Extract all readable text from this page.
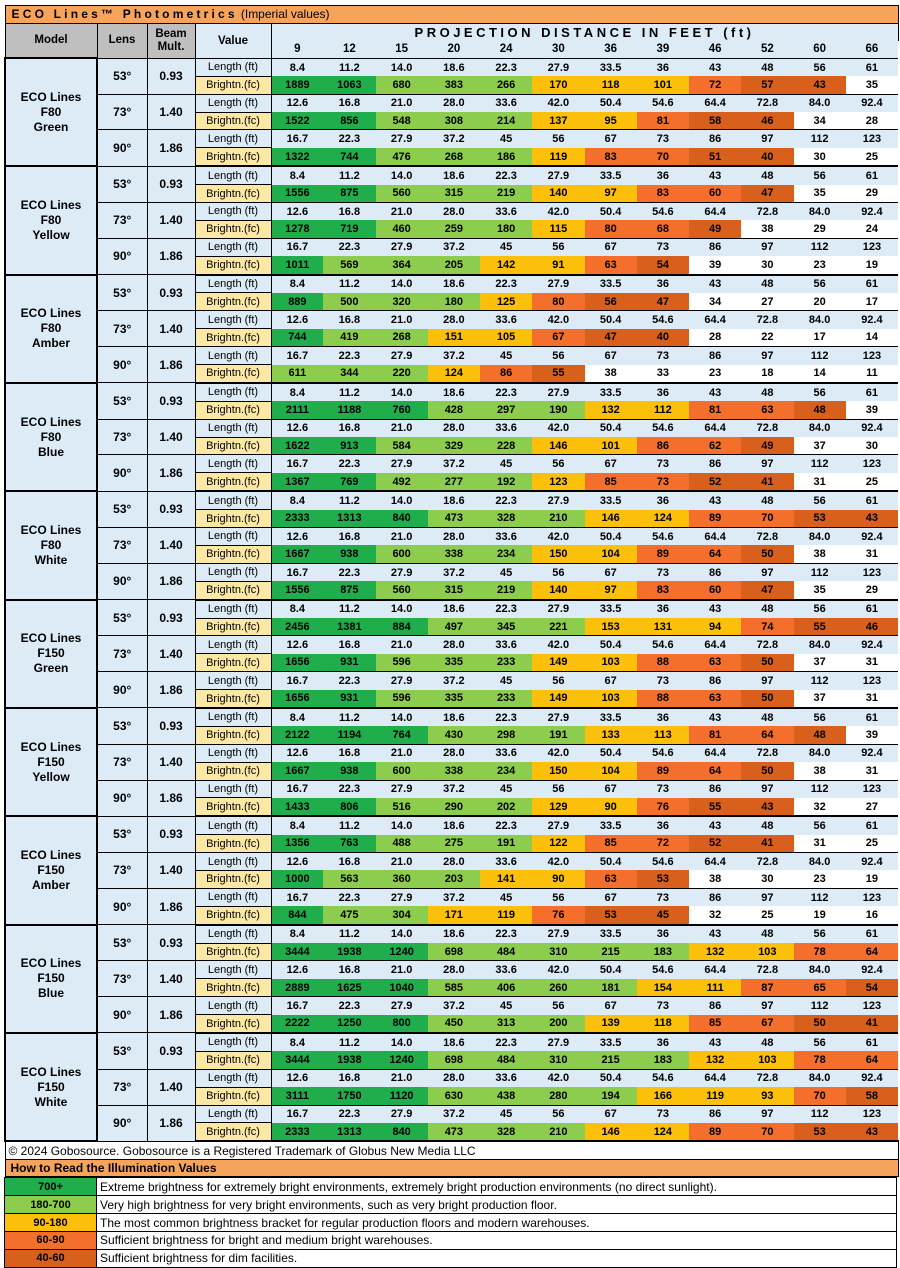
ECO Lines™ Photometrics (Imperial values)															
Model	Lens	Beam Mult.	Value	PROJECTION DISTANCE IN FEET (ft)											
				9	12	15	20	24	30	36	39	46	52	60	66

ECO Lines
F80
Green	53°	0.93	Length (ft)	8.4	11.2	14.0	18.6	22.3	27.9	33.5	36	43	48	56	61
			Brightn.(fc)	1889	1063	680	383	266	170	118	101	72	57	43	35
	73°	1.40	Length (ft)	12.6	16.8	21.0	28.0	33.6	42.0	50.4	54.6	64.4	72.8	84.0	92.4
			Brightn.(fc)	1522	856	548	308	214	137	95	81	58	46	34	28
	90°	1.86	Length (ft)	16.7	22.3	27.9	37.2	45	56	67	73	86	97	112	123
			Brightn.(fc)	1322	744	476	268	186	119	83	70	51	40	30	25

ECO Lines
F80
Yellow	53°	0.93	Length (ft)	8.4	11.2	14.0	18.6	22.3	27.9	33.5	36	43	48	56	61
			Brightn.(fc)	1556	875	560	315	219	140	97	83	60	47	35	29
	73°	1.40	Length (ft)	12.6	16.8	21.0	28.0	33.6	42.0	50.4	54.6	64.4	72.8	84.0	92.4
			Brightn.(fc)	1278	719	460	259	180	115	80	68	49	38	29	24
	90°	1.86	Length (ft)	16.7	22.3	27.9	37.2	45	56	67	73	86	97	112	123
			Brightn.(fc)	1011	569	364	205	142	91	63	54	39	30	23	19

ECO Lines
F80
Amber	53°	0.93	Length (ft)	8.4	11.2	14.0	18.6	22.3	27.9	33.5	36	43	48	56	61
			Brightn.(fc)	889	500	320	180	125	80	56	47	34	27	20	17
	73°	1.40	Length (ft)	12.6	16.8	21.0	28.0	33.6	42.0	50.4	54.6	64.4	72.8	84.0	92.4
			Brightn.(fc)	744	419	268	151	105	67	47	40	28	22	17	14
	90°	1.86	Length (ft)	16.7	22.3	27.9	37.2	45	56	67	73	86	97	112	123
			Brightn.(fc)	611	344	220	124	86	55	38	33	23	18	14	11

ECO Lines
F80
Blue	53°	0.93	Length (ft)	8.4	11.2	14.0	18.6	22.3	27.9	33.5	36	43	48	56	61
			Brightn.(fc)	2111	1188	760	428	297	190	132	112	81	63	48	39
	73°	1.40	Length (ft)	12.6	16.8	21.0	28.0	33.6	42.0	50.4	54.6	64.4	72.8	84.0	92.4
			Brightn.(fc)	1622	913	584	329	228	146	101	86	62	49	37	30
	90°	1.86	Length (ft)	16.7	22.3	27.9	37.2	45	56	67	73	86	97	112	123
			Brightn.(fc)	1367	769	492	277	192	123	85	73	52	41	31	25

ECO Lines
F80
White	53°	0.93	Length (ft)	8.4	11.2	14.0	18.6	22.3	27.9	33.5	36	43	48	56	61
			Brightn.(fc)	2333	1313	840	473	328	210	146	124	89	70	53	43
	73°	1.40	Length (ft)	12.6	16.8	21.0	28.0	33.6	42.0	50.4	54.6	64.4	72.8	84.0	92.4
			Brightn.(fc)	1667	938	600	338	234	150	104	89	64	50	38	31
	90°	1.86	Length (ft)	16.7	22.3	27.9	37.2	45	56	67	73	86	97	112	123
			Brightn.(fc)	1556	875	560	315	219	140	97	83	60	47	35	29

ECO Lines
F150
Green	53°	0.93	Length (ft)	8.4	11.2	14.0	18.6	22.3	27.9	33.5	36	43	48	56	61
			Brightn.(fc)	2456	1381	884	497	345	221	153	131	94	74	55	46
	73°	1.40	Length (ft)	12.6	16.8	21.0	28.0	33.6	42.0	50.4	54.6	64.4	72.8	84.0	92.4
			Brightn.(fc)	1656	931	596	335	233	149	103	88	63	50	37	31
	90°	1.86	Length (ft)	16.7	22.3	27.9	37.2	45	56	67	73	86	97	112	123
			Brightn.(fc)	1656	931	596	335	233	149	103	88	63	50	37	31

ECO Lines
F150
Yellow	53°	0.93	Length (ft)	8.4	11.2	14.0	18.6	22.3	27.9	33.5	36	43	48	56	61
			Brightn.(fc)	2122	1194	764	430	298	191	133	113	81	64	48	39
	73°	1.40	Length (ft)	12.6	16.8	21.0	28.0	33.6	42.0	50.4	54.6	64.4	72.8	84.0	92.4
			Brightn.(fc)	1667	938	600	338	234	150	104	89	64	50	38	31
	90°	1.86	Length (ft)	16.7	22.3	27.9	37.2	45	56	67	73	86	97	112	123
			Brightn.(fc)	1433	806	516	290	202	129	90	76	55	43	32	27

ECO Lines
F150
Amber	53°	0.93	Length (ft)	8.4	11.2	14.0	18.6	22.3	27.9	33.5	36	43	48	56	61
			Brightn.(fc)	1356	763	488	275	191	122	85	72	52	41	31	25
	73°	1.40	Length (ft)	12.6	16.8	21.0	28.0	33.6	42.0	50.4	54.6	64.4	72.8	84.0	92.4
			Brightn.(fc)	1000	563	360	203	141	90	63	53	38	30	23	19
	90°	1.86	Length (ft)	16.7	22.3	27.9	37.2	45	56	67	73	86	97	112	123
			Brightn.(fc)	844	475	304	171	119	76	53	45	32	25	19	16

ECO Lines
F150
Blue	53°	0.93	Length (ft)	8.4	11.2	14.0	18.6	22.3	27.9	33.5	36	43	48	56	61
			Brightn.(fc)	3444	1938	1240	698	484	310	215	183	132	103	78	64
	73°	1.40	Length (ft)	12.6	16.8	21.0	28.0	33.6	42.0	50.4	54.6	64.4	72.8	84.0	92.4
			Brightn.(fc)	2889	1625	1040	585	406	260	181	154	111	87	65	54
	90°	1.86	Length (ft)	16.7	22.3	27.9	37.2	45	56	67	73	86	97	112	123
			Brightn.(fc)	2222	1250	800	450	313	200	139	118	85	67	50	41

ECO Lines
F150
White	53°	0.93	Length (ft)	8.4	11.2	14.0	18.6	22.3	27.9	33.5	36	43	48	56	61
			Brightn.(fc)	3444	1938	1240	698	484	310	215	183	132	103	78	64
	73°	1.40	Length (ft)	12.6	16.8	21.0	28.0	33.6	42.0	50.4	54.6	64.4	72.8	84.0	92.4
			Brightn.(fc)	3111	1750	1120	630	438	280	194	166	119	93	70	58
	90°	1.86	Length (ft)	16.7	22.3	27.9	37.2	45	56	67	73	86	97	112	123
			Brightn.(fc)	2333	1313	840	473	328	210	146	124	89	70	53	43
© 2024 Gobosource. Gobosource is a Registered Trademark of Globus New Media LLC															
How to Read the Illumination Values															
700+	Extreme brightness for extremely bright environments, extremely bright production environments (no direct sunlight).
180-700	Very high brightness for very bright environments, such as very bright production floor.
90-180	The most common brightness bracket for regular production floors and modern warehouses.
60-90	Sufficient brightness for bright and medium bright warehouses.
40-60	Sufficient brightness for dim facilities.
